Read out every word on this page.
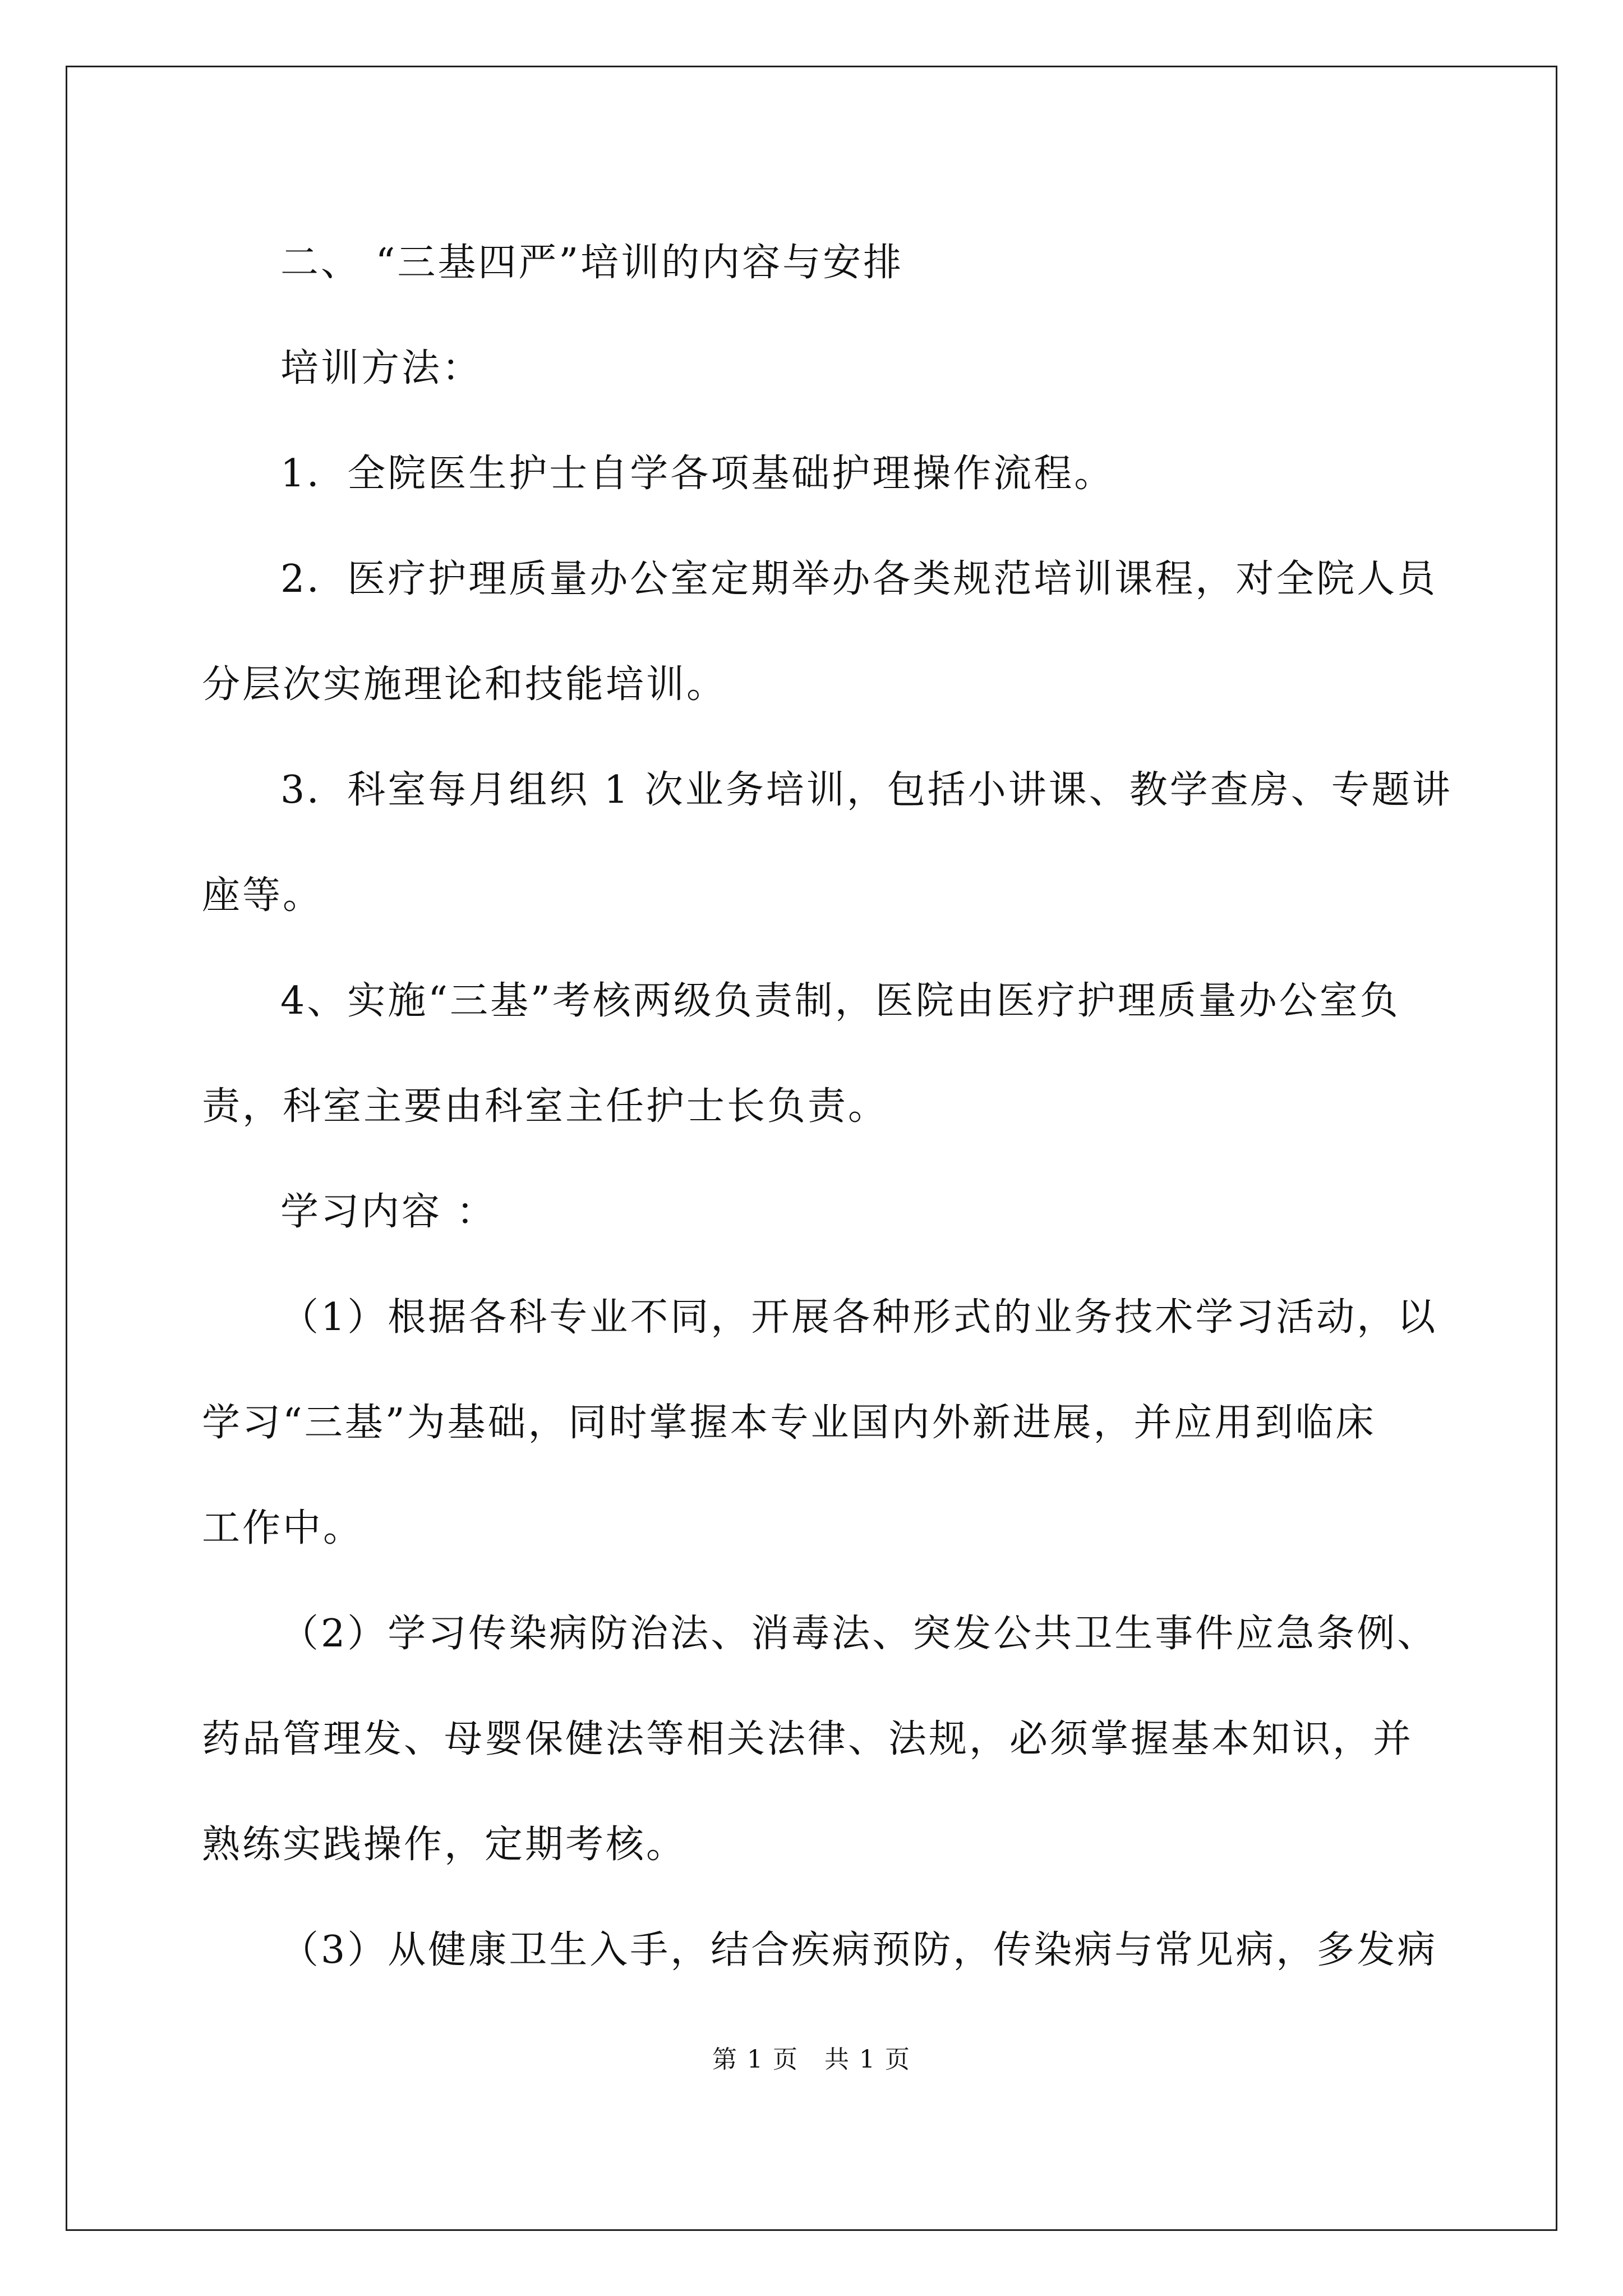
二、 “三基四严”培训的内容与安排
培训方法：
1．全院医生护士自学各项基础护理操作流程。
2．医疗护理质量办公室定期举办各类规范培训课程，对全院人员
分层次实施理论和技能培训。
3．科室每月组织 1 次业务培训，包括小讲课、教学查房、专题讲
座等。
4、实施“三基”考核两级负责制，医院由医疗护理质量办公室负
责，科室主要由科室主任护士长负责。
学习内容 ：
（1）根据各科专业不同，开展各种形式的业务技术学习活动，以
学习“三基”为基础，同时掌握本专业国内外新进展，并应用到临床
工作中。
（2）学习传染病防治法、消毒法、突发公共卫生事件应急条例、
药品管理发、母婴保健法等相关法律、法规，必须掌握基本知识，并
熟练实践操作，定期考核。
（3）从健康卫生入手，结合疾病预防，传染病与常见病，多发病
第 1 页　共 1 页
